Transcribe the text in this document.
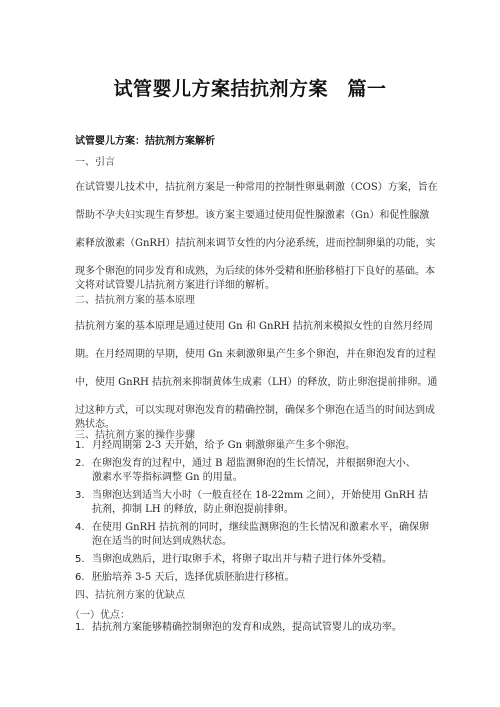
试管婴儿方案拮抗剂方案　篇一
试管婴儿方案：拮抗剂方案解析
一、引言
在试管婴儿技术中，拮抗剂方案是一种常用的控制性卵巢刺激（COS）方案，旨在
帮助不孕夫妇实现生育梦想。该方案主要通过使用促性腺激素（Gn）和促性腺激
素释放激素（GnRH）拮抗剂来调节女性的内分泌系统，进而控制卵巢的功能，实
现多个卵泡的同步发育和成熟，为后续的体外受精和胚胎移植打下良好的基础。本
文将对试管婴儿拮抗剂方案进行详细的解析。
二、拮抗剂方案的基本原理
拮抗剂方案的基本原理是通过使用 Gn 和 GnRH 拮抗剂来模拟女性的自然月经周
期。在月经周期的早期，使用 Gn 来刺激卵巢产生多个卵泡，并在卵泡发育的过程
中，使用 GnRH 拮抗剂来抑制黄体生成素（LH）的释放，防止卵泡提前排卵。通
过这种方式，可以实现对卵泡发育的精确控制，确保多个卵泡在适当的时间达到成
熟状态。
三、拮抗剂方案的操作步骤
1. 月经周期第 2-3 天开始，给予 Gn 刺激卵巢产生多个卵泡。
2. 在卵泡发育的过程中，通过 B 超监测卵泡的生长情况，并根据卵泡大小、
激素水平等指标调整 Gn 的用量。
3. 当卵泡达到适当大小时（一般直径在 18-22mm 之间），开始使用 GnRH 拮
抗剂，抑制 LH 的释放，防止卵泡提前排卵。
4. 在使用 GnRH 拮抗剂的同时，继续监测卵泡的生长情况和激素水平，确保卵
泡在适当的时间达到成熟状态。
5. 当卵泡成熟后，进行取卵手术，将卵子取出并与精子进行体外受精。
6. 胚胎培养 3-5 天后，选择优质胚胎进行移植。
四、拮抗剂方案的优缺点
（一）优点：
1. 拮抗剂方案能够精确控制卵泡的发育和成熟，提高试管婴儿的成功率。
